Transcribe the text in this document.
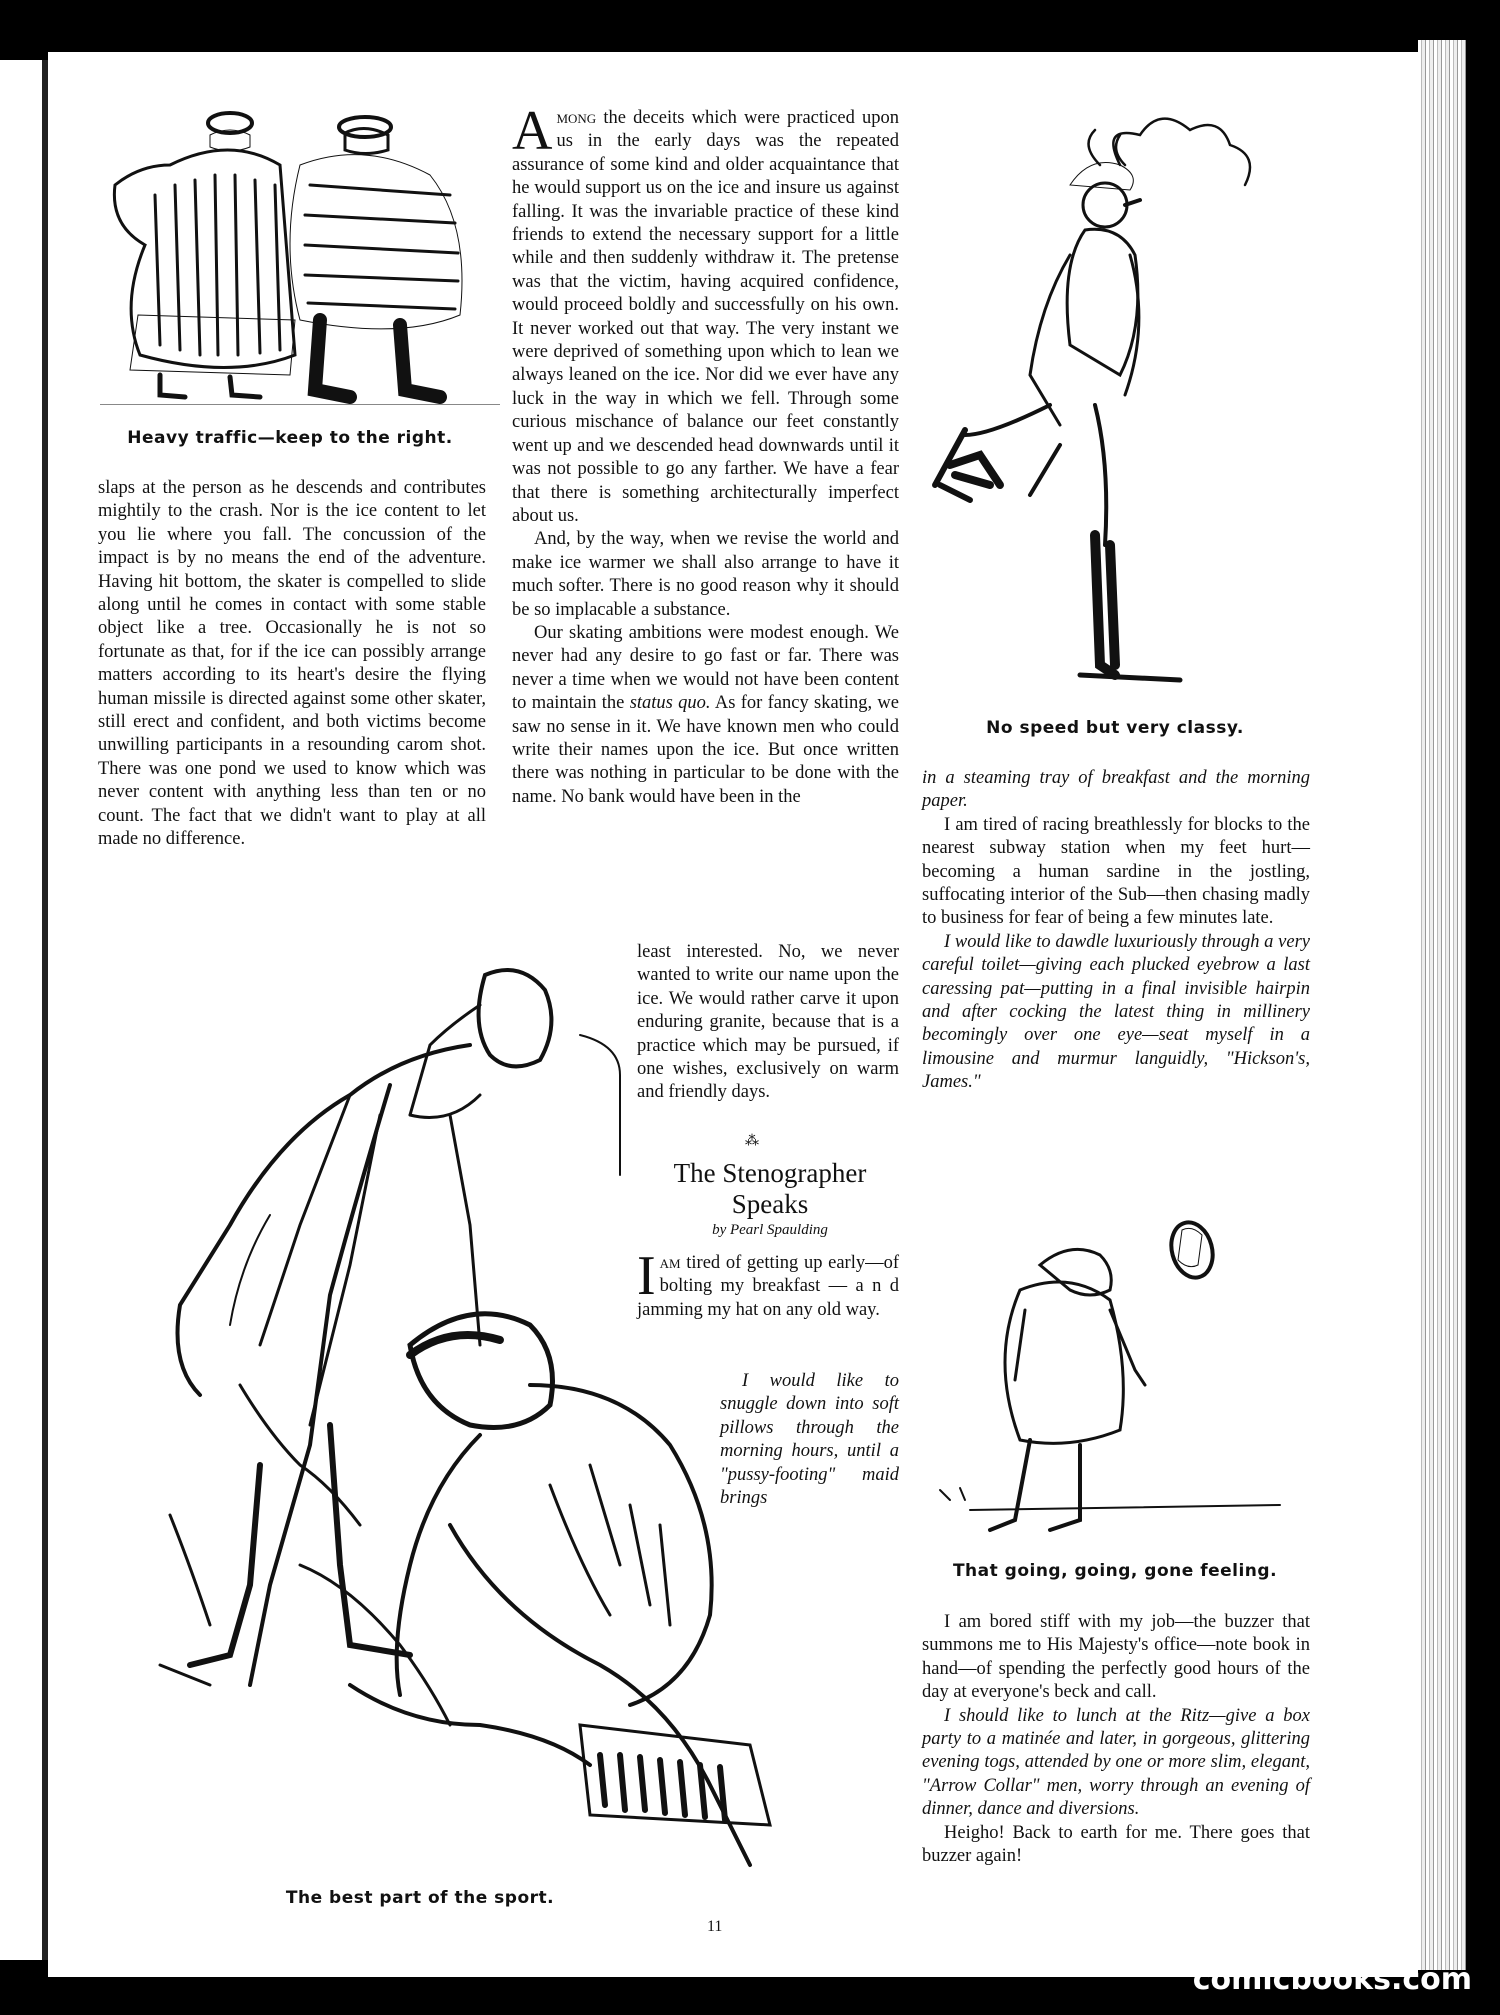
Heavy traffic—keep to the right.

slaps at the person as he descends and contributes mightily to the crash. Nor is the ice content to let you lie where you fall. The concussion of the impact is by no means the end of the adventure. Having hit bottom, the skater is compelled to slide along until he comes in contact with some stable object like a tree. Occasionally he is not so fortunate as that, for if the ice can possibly arrange matters according to its heart's desire the flying human missile is directed against some other skater, still erect and confident, and both victims become unwilling participants in a resounding carom shot. There was one pond we used to know which was never content with anything less than ten or no count. The fact that we didn't want to play at all made no difference.

Among the deceits which were practiced upon us in the early days was the repeated assurance of some kind and older acquaintance that he would support us on the ice and insure us against falling. It was the invariable practice of these kind friends to extend the necessary support for a little while and then suddenly withdraw it. The pretense was that the victim, having acquired confidence, would proceed boldly and successfully on his own. It never worked out that way. The very instant we were deprived of something upon which to lean we always leaned on the ice. Nor did we ever have any luck in the way in which we fell. Through some curious mischance of balance our feet constantly went up and we descended head downwards until it was not possible to go any farther. We have a fear that there is something architecturally imperfect about us.

And, by the way, when we revise the world and make ice warmer we shall also arrange to have it much softer. There is no good reason why it should be so implacable a substance.

Our skating ambitions were modest enough. We never had any desire to go fast or far. There was never a time when we would not have been content to maintain the status quo. As for fancy skating, we saw no sense in it. We have known men who could write their names upon the ice. But once written there was nothing in particular to be done with the name. No bank would have been in the

least interested. No, we never wanted to write our name upon the ice. We would rather carve it upon enduring granite, because that is a practice which may be pursued, if one wishes, exclusively on warm and friendly days.

⁂
The Stenographer Speaks
by Pearl Spaulding

Iam tired of getting up early—of bolting my breakfast — a n d jamming my hat on any old way.

I would like to snuggle down into soft pillows through the morning hours, until a "pussy-footing" maid brings

No speed but very classy.

in a steaming tray of breakfast and the morning paper.

I am tired of racing breathlessly for blocks to the nearest subway station when my feet hurt—becoming a human sardine in the jostling, suffocating interior of the Sub—then chasing madly to business for fear of being a few minutes late.

I would like to dawdle luxuriously through a very careful toilet—giving each plucked eyebrow a last caressing pat—putting in a final invisible hairpin and after cocking the latest thing in millinery becomingly over one eye—seat myself in a limousine and murmur languidly, "Hickson's, James."

That going, going, gone feeling.

I am bored stiff with my job—the buzzer that summons me to His Majesty's office—note book in hand—of spending the perfectly good hours of the day at everyone's beck and call.

I should like to lunch at the Ritz—give a box party to a matinée and later, in gorgeous, glittering evening togs, attended by one or more slim, elegant, "Arrow Collar" men, worry through an evening of dinner, dance and diversions.

Heigho! Back to earth for me. There goes that buzzer again!

The best part of the sport.
11
comicbooks.com
